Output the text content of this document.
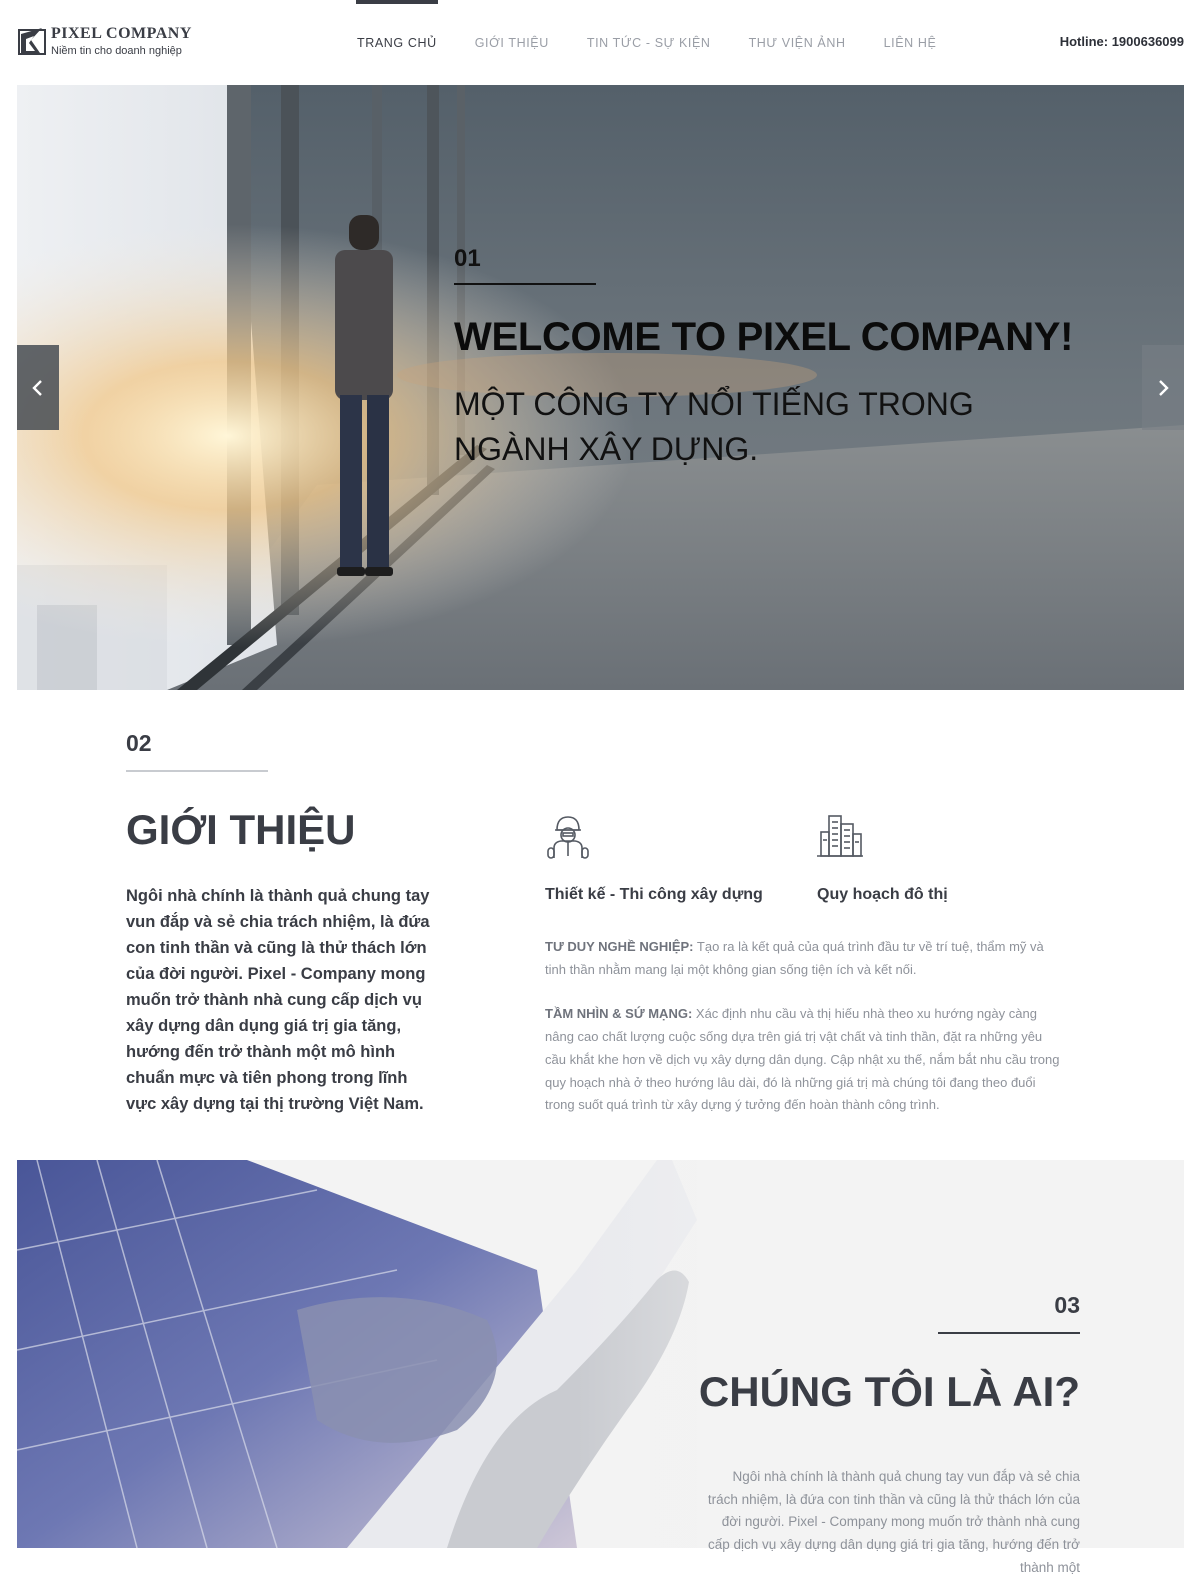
PIXEL COMPANY
Niềm tin cho doanh nghiệp
TRANG CHỦ	GIỚI THIỆU	TIN TỨC - SỰ KIỆN	THƯ VIỆN ẢNH	LIÊN HỆ	Hotline: 1900636099
01
WELCOME TO PIXEL COMPANY!
MỘT CÔNG TY NỔI TIẾNG TRONG NGÀNH XÂY DỰNG.
02
GIỚI THIỆU

Ngôi nhà chính là thành quả chung tay vun đắp và sẻ chia trách nhiệm, là đứa con tinh thần và cũng là thử thách lớn của đời người. Pixel - Company mong muốn trở thành nhà cung cấp dịch vụ xây dựng dân dụng giá trị gia tăng, hướng đến trở thành một mô hình chuẩn mực và tiên phong trong lĩnh vực xây dựng tại thị trường Việt Nam.

Thiết kế - Thi công xây dựng	Quy hoạch đô thị

TƯ DUY NGHỀ NGHIỆP: Tạo ra là kết quả của quá trình đầu tư về trí tuệ, thẩm mỹ và tinh thần nhằm mang lại một không gian sống tiện ích và kết nối.

TẦM NHÌN & SỨ MẠNG: Xác định nhu cầu và thị hiếu nhà theo xu hướng ngày càng nâng cao chất lượng cuộc sống dựa trên giá trị vật chất và tinh thần, đặt ra những yêu cầu khắt khe hơn về dịch vụ xây dựng dân dụng. Cập nhật xu thế, nắm bắt nhu cầu trong quy hoạch nhà ở theo hướng lâu dài, đó là những giá trị mà chúng tôi đang theo đuổi trong suốt quá trình từ xây dựng ý tưởng đến hoàn thành công trình.

03
CHÚNG TÔI LÀ AI?

Ngôi nhà chính là thành quả chung tay vun đắp và sẻ chia trách nhiệm, là đứa con tinh thần và cũng là thử thách lớn của đời người. Pixel - Company mong muốn trở thành nhà cung cấp dịch vụ xây dựng dân dụng giá trị gia tăng, hướng đến trở thành một
